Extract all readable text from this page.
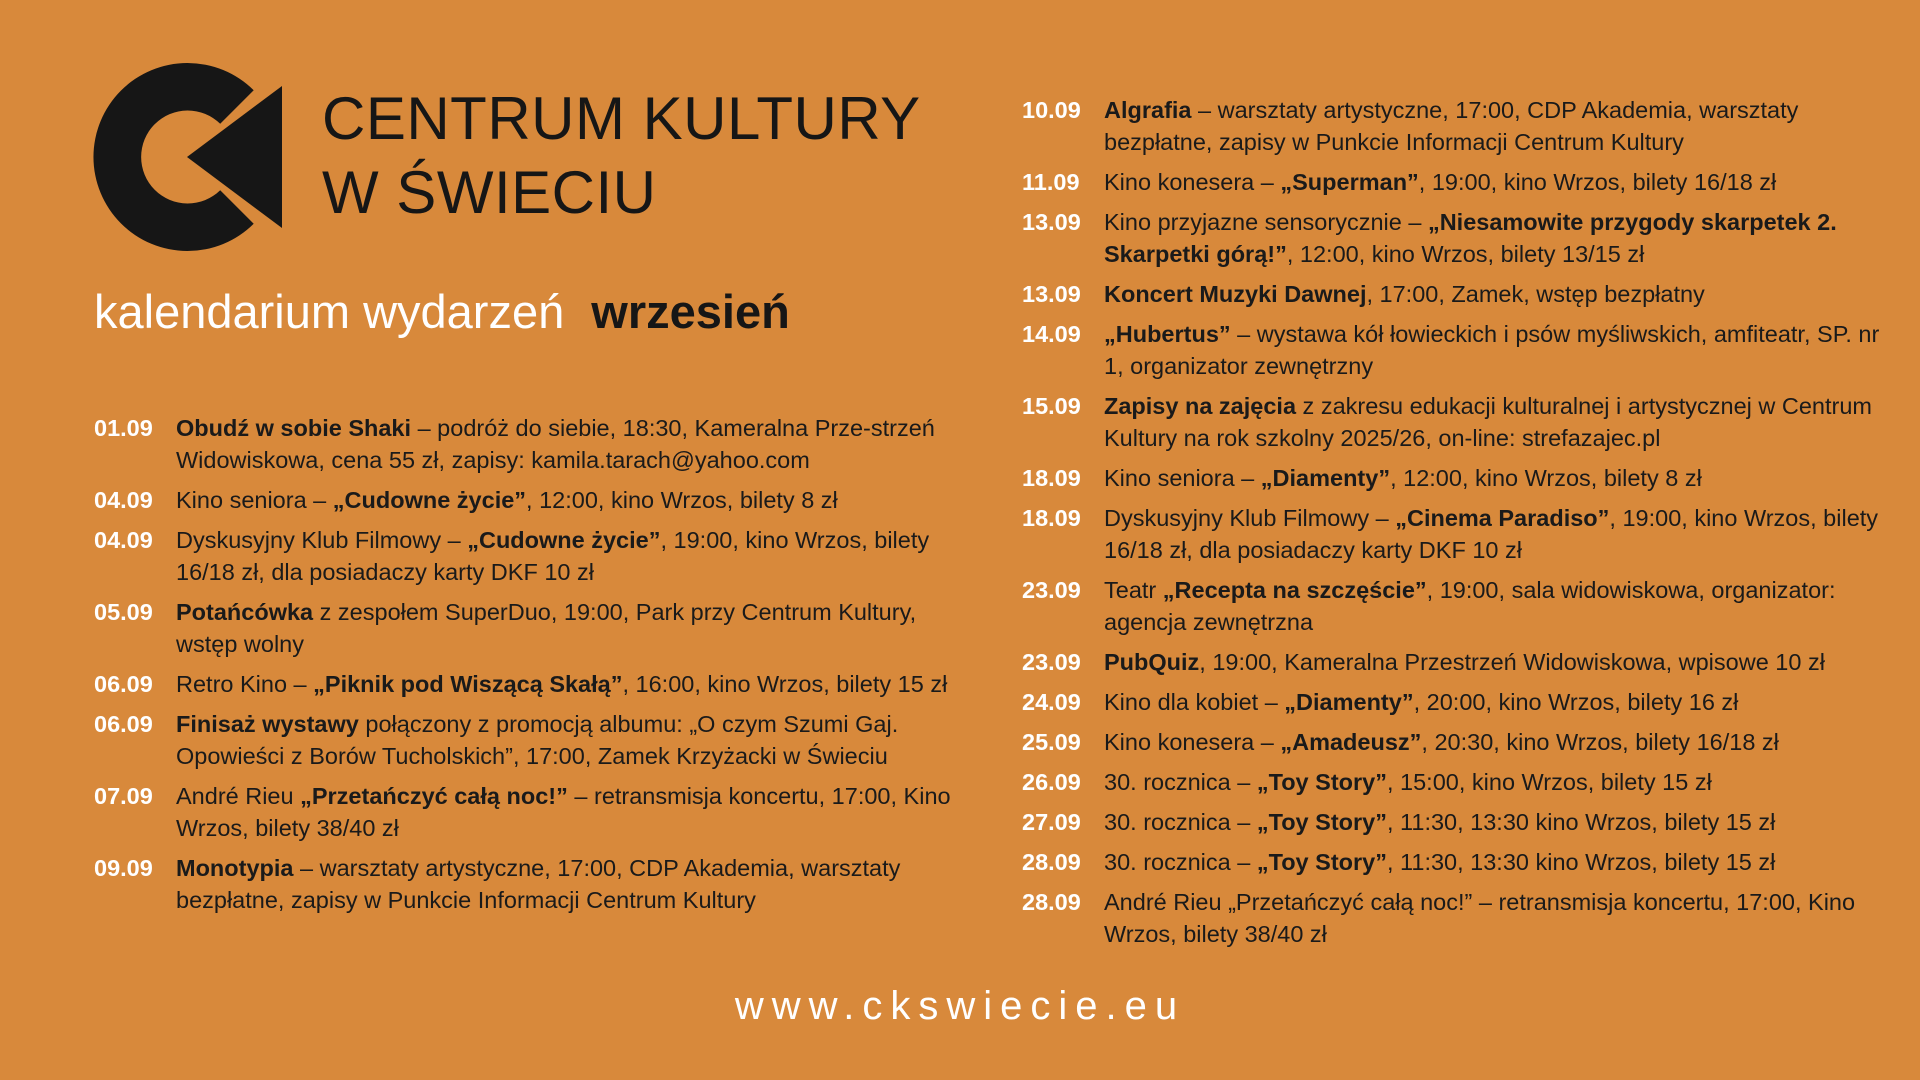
CENTRUM KULTURY
W ŚWIECIU
kalendarium wydarzeń wrzesień
01.09 Obudź w sobie Shaki – podróż do siebie, 18:30, Kameralna Prze-strzeń Widowiskowa, cena 55 zł, zapisy: kamila.tarach@yahoo.com
04.09 Kino seniora – „Cudowne życie”, 12:00, kino Wrzos, bilety 8 zł
04.09 Dyskusyjny Klub Filmowy – „Cudowne życie”, 19:00, kino Wrzos, bilety 16/18 zł, dla posiadaczy karty DKF 10 zł
05.09 Potańcówka z zespołem SuperDuo, 19:00, Park przy Centrum Kultury, wstęp wolny
06.09 Retro Kino – „Piknik pod Wiszącą Skałą”, 16:00, kino Wrzos, bilety 15 zł
06.09 Finisaż wystawy połączony z promocją albumu: „O czym Szumi Gaj. Opowieści z Borów Tucholskich”, 17:00, Zamek Krzyżacki w Świeciu
07.09 André Rieu „Przetańczyć całą noc!” – retransmisja koncertu, 17:00, Kino Wrzos, bilety 38/40 zł
09.09 Monotypia – warsztaty artystyczne, 17:00, CDP Akademia, warsztaty bezpłatne, zapisy w Punkcie Informacji Centrum Kultury
10.09 Algrafia – warsztaty artystyczne, 17:00, CDP Akademia, warsztaty bezpłatne, zapisy w Punkcie Informacji Centrum Kultury
11.09	Kino konesera – „Superman”, 19:00, kino Wrzos, bilety 16/18 zł
13.09 Kino przyjazne sensorycznie – „Niesamowite przygody skarpetek 2. Skarpetki górą!”, 12:00, kino Wrzos, bilety 13/15 zł
13.09 Koncert Muzyki Dawnej, 17:00, Zamek, wstęp bezpłatny
14.09 „Hubertus” – wystawa kół łowieckich i psów myśliwskich, amfiteatr, SP. nr 1, organizator zewnętrzny
15.09 Zapisy na zajęcia z zakresu edukacji kulturalnej i artystycznej w Centrum Kultury na rok szkolny 2025/26, on-line: strefazajec.pl
18.09 Kino seniora – „Diamenty”, 12:00, kino Wrzos, bilety 8 zł
18.09 Dyskusyjny Klub Filmowy – „Cinema Paradiso”, 19:00, kino Wrzos, bilety 16/18 zł, dla posiadaczy karty DKF 10 zł
23.09 Teatr „Recepta na szczęście”, 19:00, sala widowiskowa, organizator: agencja zewnętrzna
23.09 PubQuiz, 19:00, Kameralna Przestrzeń Widowiskowa, wpisowe 10 zł
24.09 Kino dla kobiet – „Diamenty”, 20:00, kino Wrzos, bilety 16 zł
25.09 Kino konesera – „Amadeusz”, 20:30, kino Wrzos, bilety 16/18 zł
26.09 30. rocznica – „Toy Story”, 15:00, kino Wrzos, bilety 15 zł
27.09 30. rocznica – „Toy Story”, 11:30, 13:30 kino Wrzos, bilety 15 zł
28.09 30. rocznica – „Toy Story”, 11:30, 13:30 kino Wrzos, bilety 15 zł
28.09 André Rieu „Przetańczyć całą noc!” – retransmisja koncertu, 17:00, Kino Wrzos, bilety 38/40 zł
www.ckswiecie.eu
